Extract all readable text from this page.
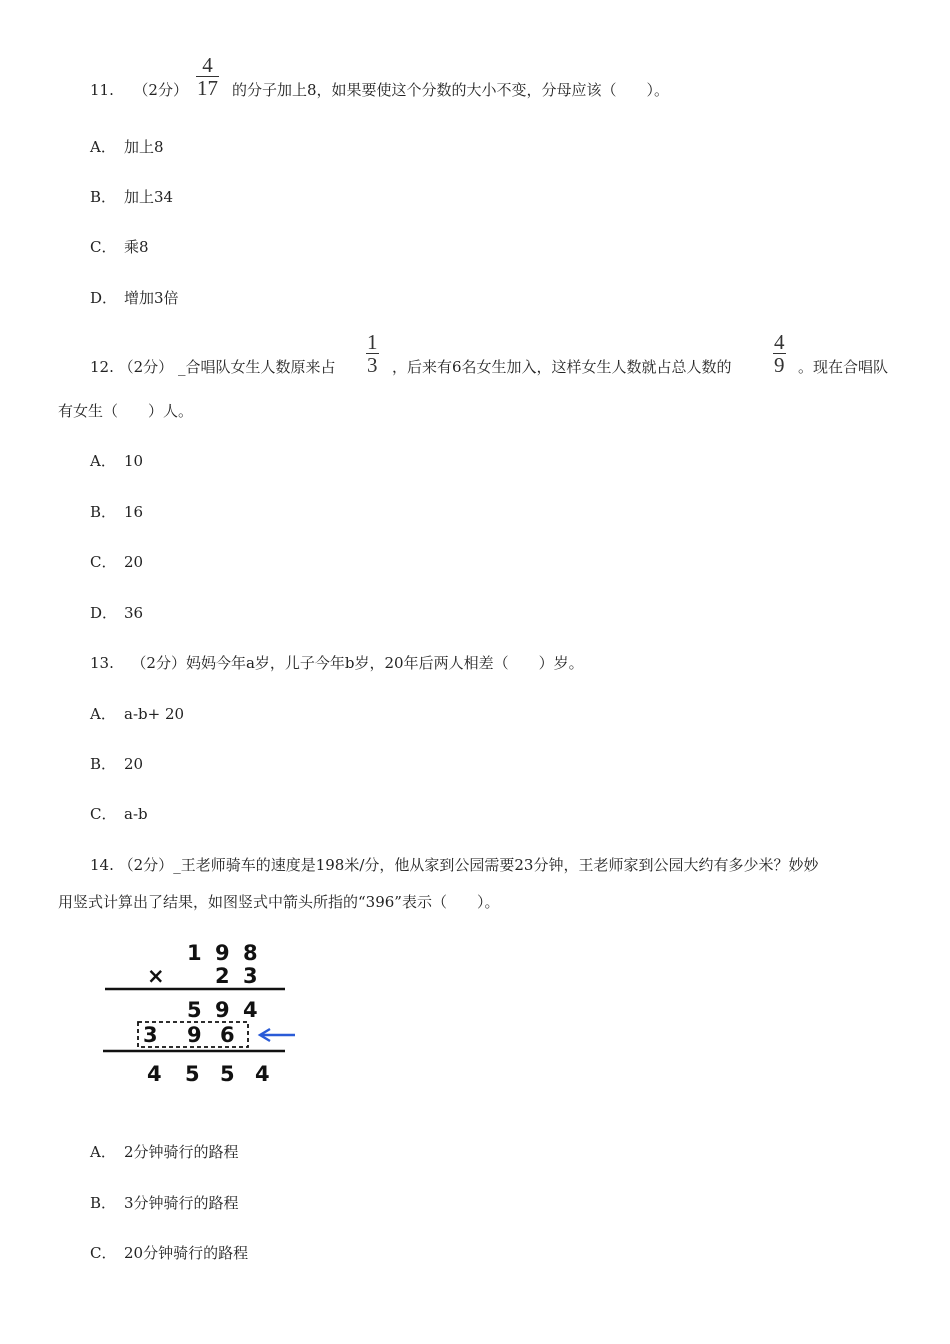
11. （2分）
4
17 的分子加上8，如果要使这个分数的大小不变，分母应该（　　）。
A． 加上8
B． 加上34
C． 乘8
D． 增加3倍
12. （2分） _合唱队女生人数原来占
1
3 ，后来有6名女生加入，这样女生人数就占总人数的
4
9 。现在合唱队
有女生（　　）人。
A． 10
B． 16
C． 20
D． 36
13. （2分）妈妈今年a岁，儿子今年b岁，20年后两人相差（　　）岁。
A． a-b+ 20
B． 20
C． a-b
14. （2分）_王老师骑车的速度是198米/分，他从家到公园需要23分钟，王老师家到公园大约有多少米？妙妙
用竖式计算出了结果，如图竖式中箭头所指的“396”表示（　　）。
1 9 8
× 2 3
5 9 4
3 9 6
4 5 5 4
A． 2分钟骑行的路程
B． 3分钟骑行的路程
C． 20分钟骑行的路程
